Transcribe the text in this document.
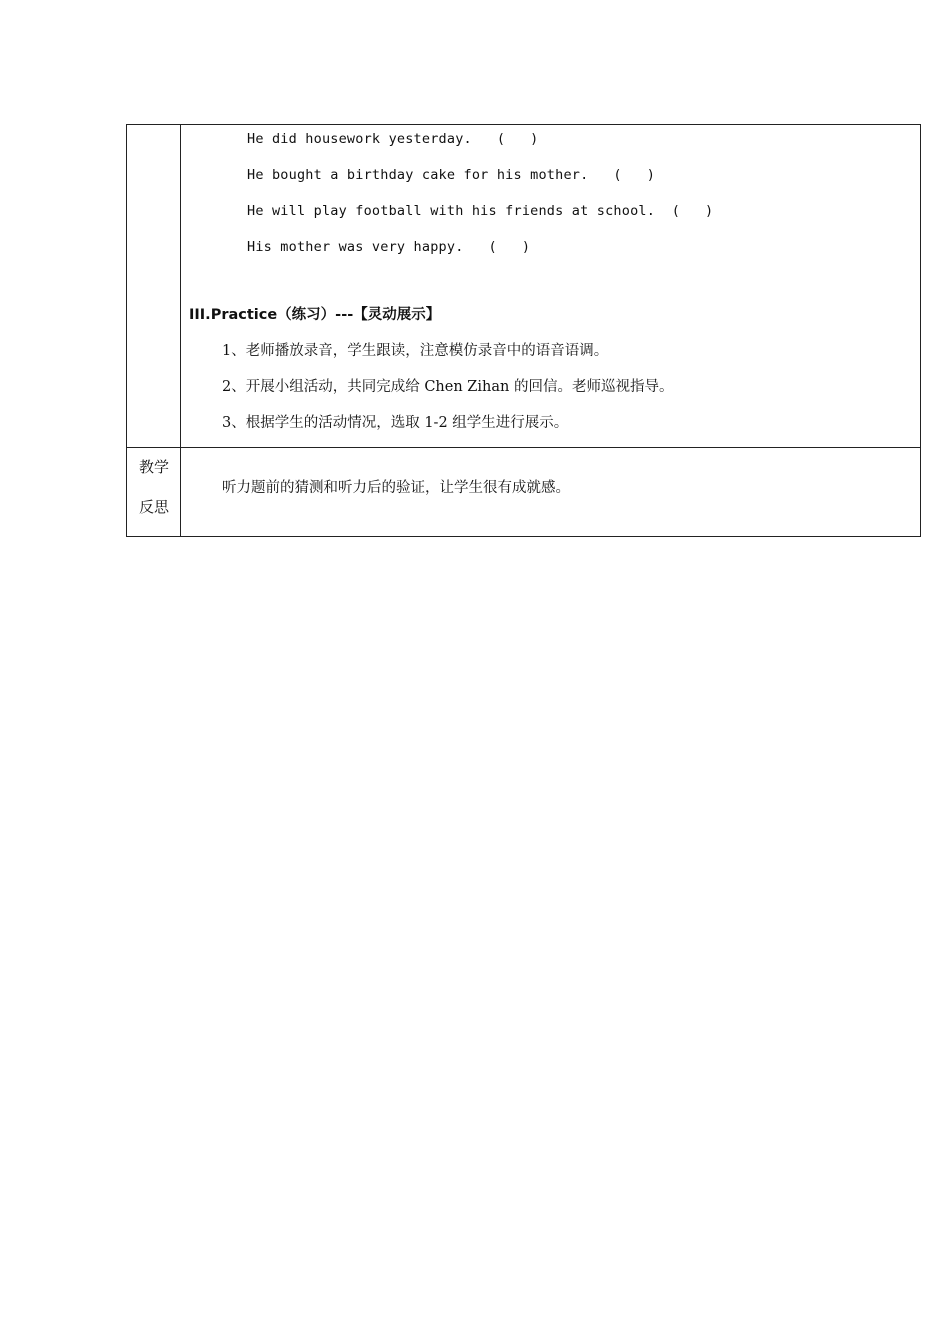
He did housework yesterday.   (   )
He bought a birthday cake for his mother.   (   )
He will play football with his friends at school.  (   )
His mother was very happy.   (   )
III.Practice（练习）---【灵动展示】
1、老师播放录音，学生跟读，注意模仿录音中的语音语调。
2、开展小组活动，共同完成给 Chen Zihan 的回信。老师巡视指导。
3、根据学生的活动情况，选取 1-2 组学生进行展示。
教学
反思
听力题前的猜测和听力后的验证，让学生很有成就感。
